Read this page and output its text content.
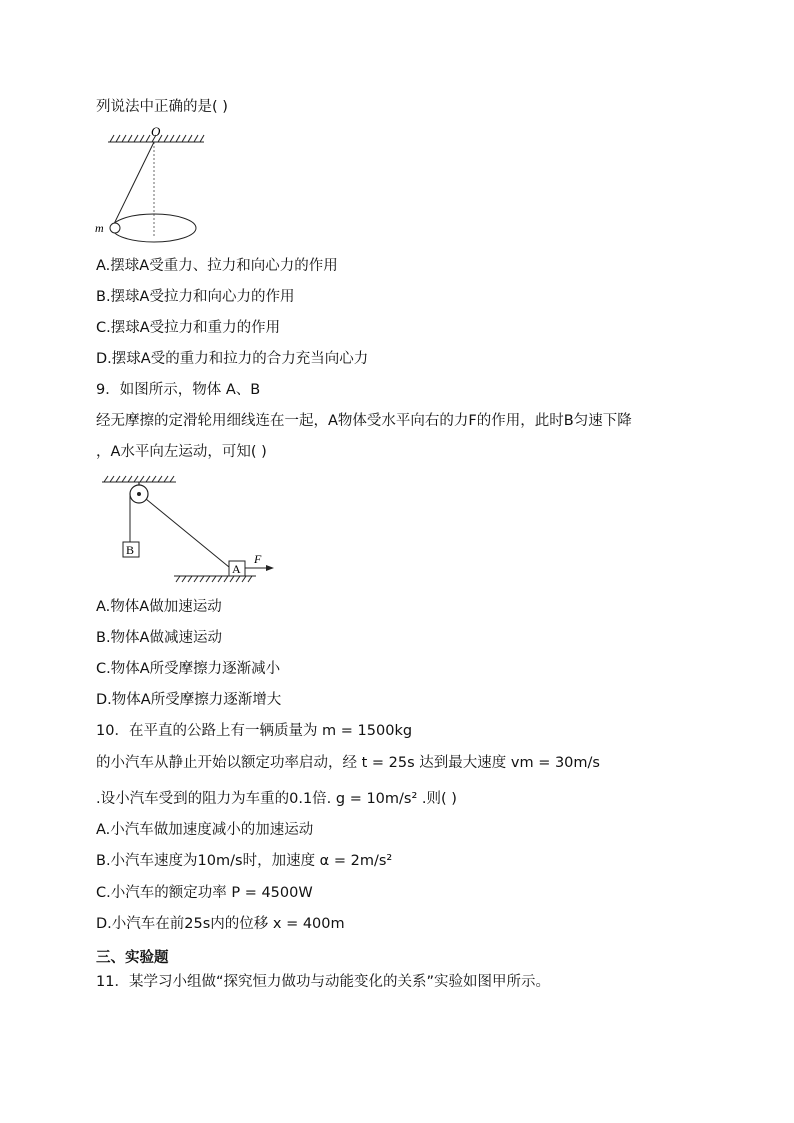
列说法中正确的是( )
O
m
A.摆球A受重力、拉力和向心力的作用
B.摆球A受拉力和向心力的作用
C.摆球A受拉力和重力的作用
D.摆球A受的重力和拉力的合力充当向心力
9．如图所示，物体 A、B
经无摩擦的定滑轮用细线连在一起，A物体受水平向右的力F的作用，此时B匀速下降
，A水平向左运动，可知( )
B
A
F
A.物体A做加速运动
B.物体A做减速运动
C.物体A所受摩擦力逐渐减小
D.物体A所受摩擦力逐渐增大
10．在平直的公路上有一辆质量为 m = 1500kg
的小汽车从静止开始以额定功率启动，经 t = 25s 达到最大速度 vm = 30m/s
.设小汽车受到的阻力为车重的0.1倍. g = 10m/s² .则( )
A.小汽车做加速度减小的加速运动
B.小汽车速度为10m/s时，加速度 α = 2m/s²
C.小汽车的额定功率 P = 4500W
D.小汽车在前25s内的位移 x = 400m
三、实验题
11．某学习小组做“探究恒力做功与动能变化的关系”实验如图甲所示。
